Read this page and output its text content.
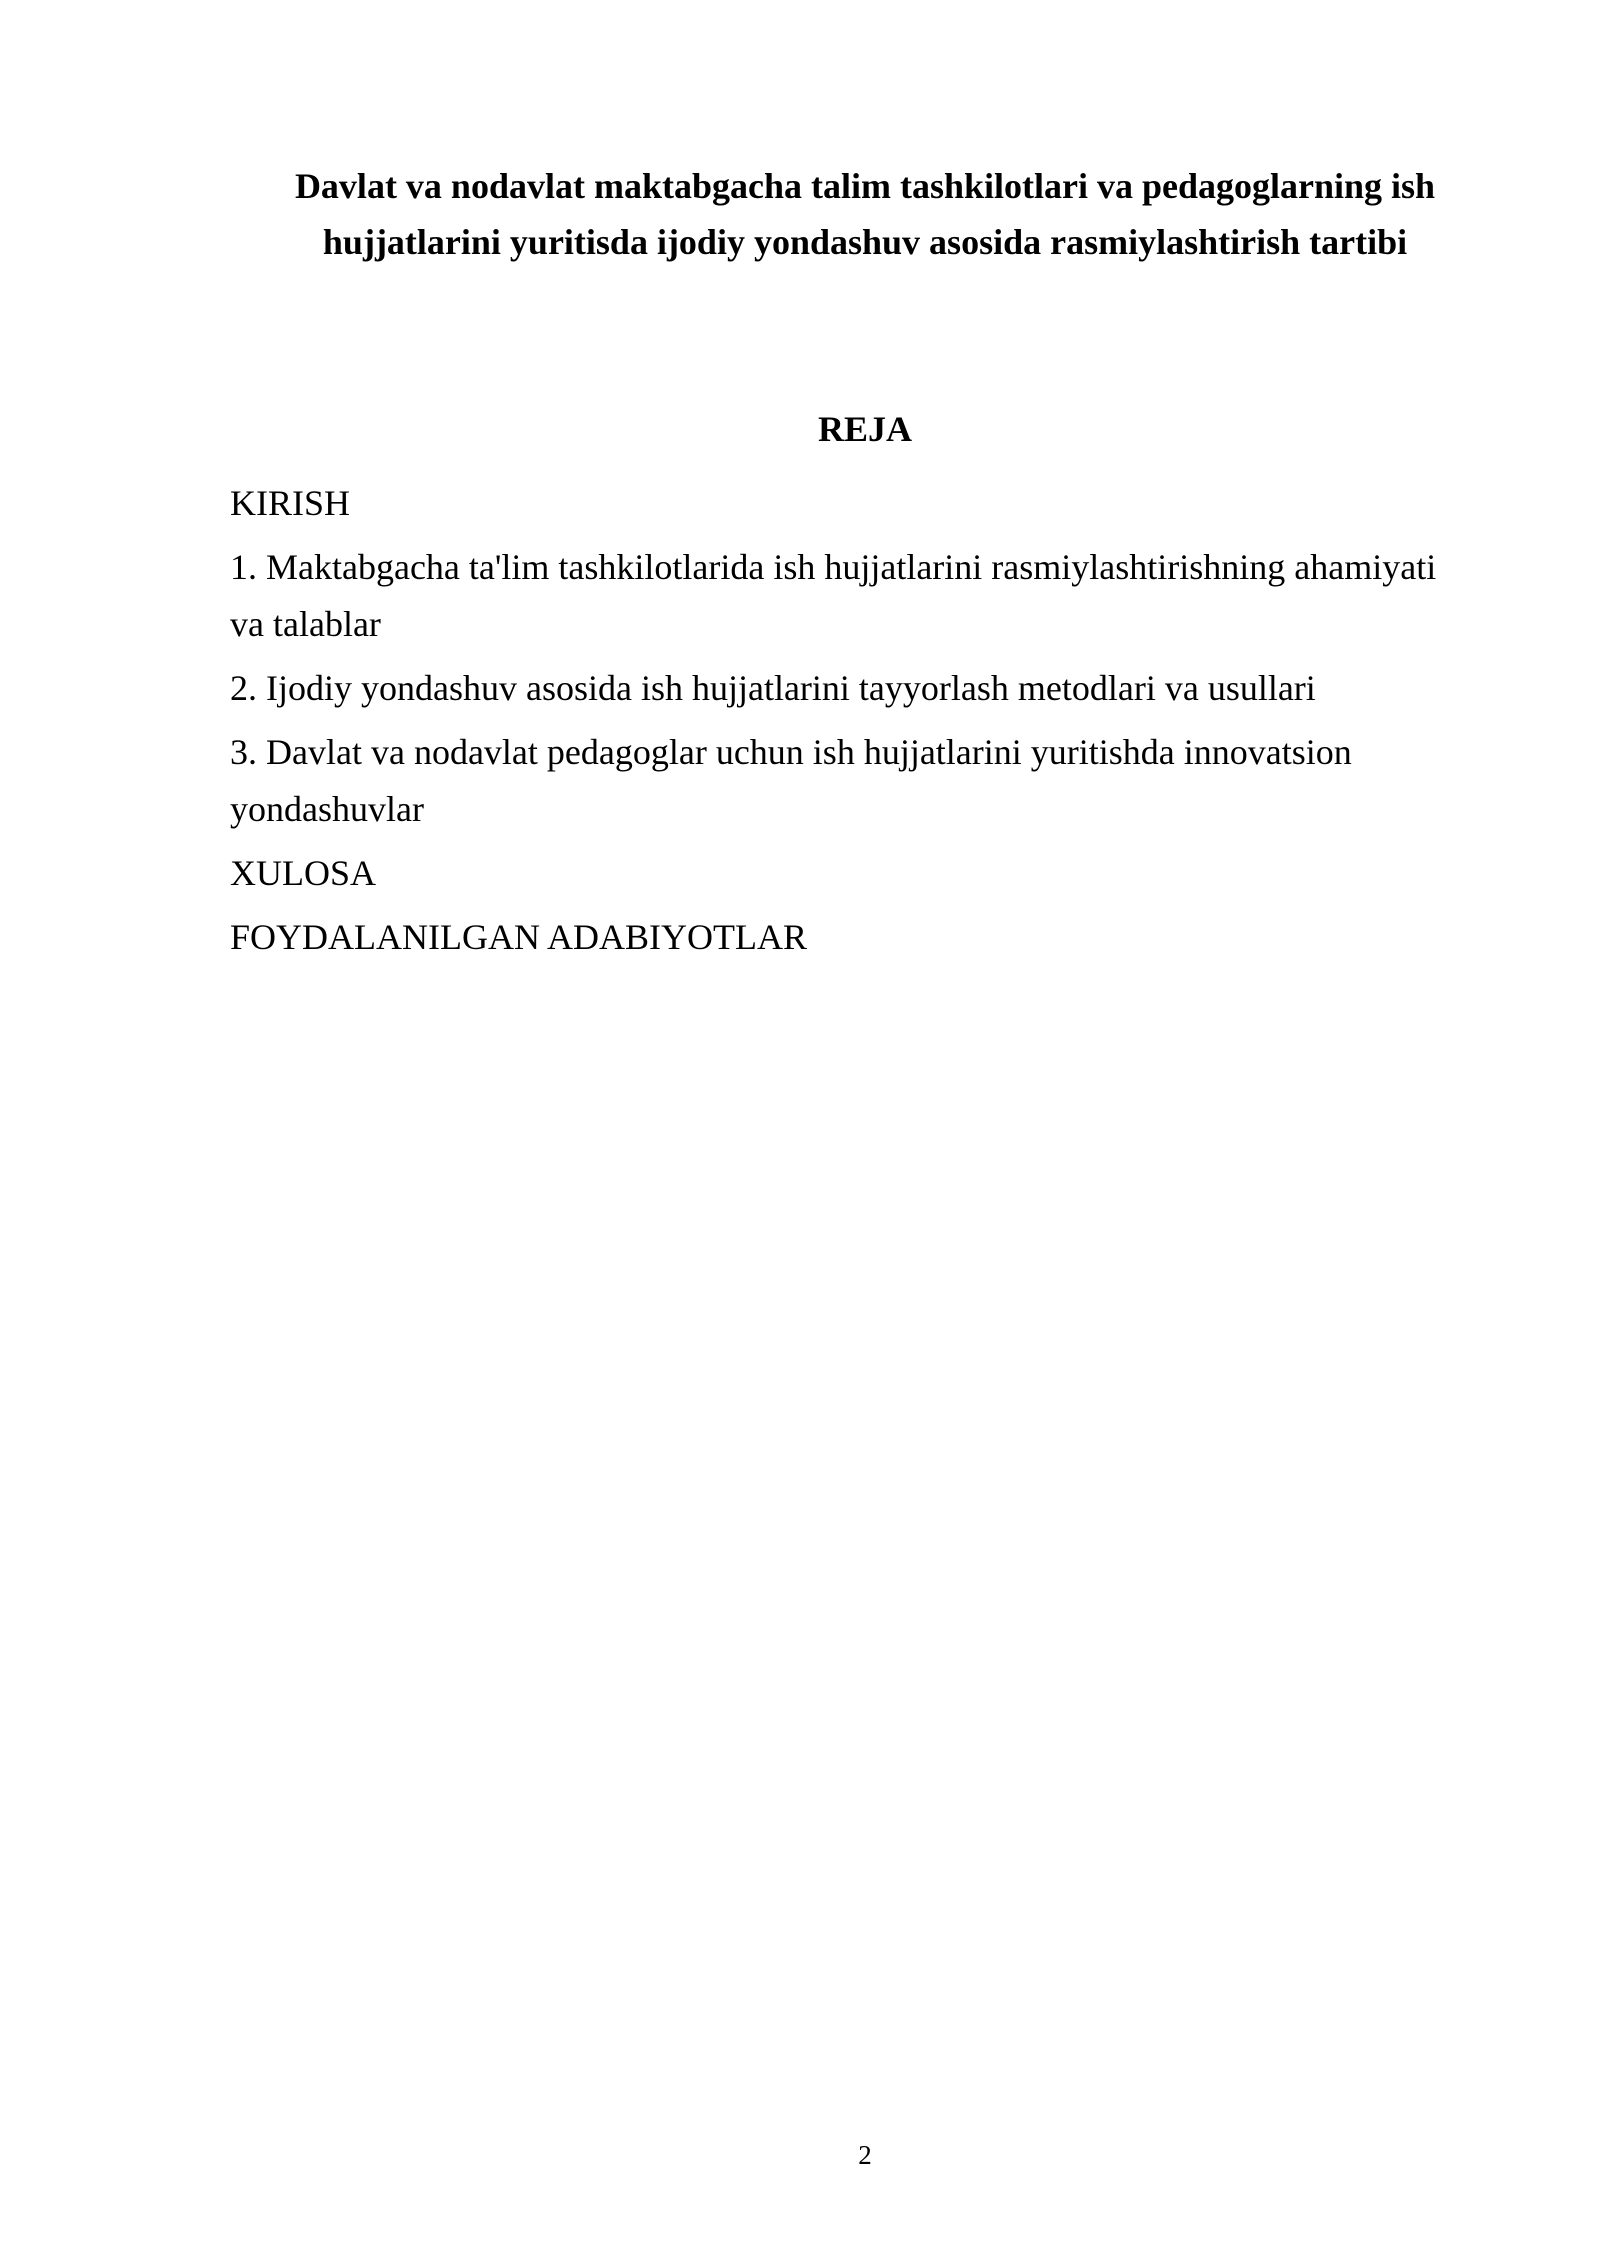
Davlat va nodavlat maktabgacha talim tashkilotlari va pedagoglarning ish
hujjatlarini yuritisda ijodiy yondashuv asosida rasmiylashtirish tartibi
REJA
KIRISH
1. Maktabgacha ta'lim tashkilotlarida ish hujjatlarini rasmiylashtirishning ahamiyati va talablar
2. Ijodiy yondashuv asosida ish hujjatlarini tayyorlash metodlari va usullari
3. Davlat va nodavlat pedagoglar uchun ish hujjatlarini yuritishda innovatsion yondashuvlar
XULOSA
FOYDALANILGAN ADABIYOTLAR
2
